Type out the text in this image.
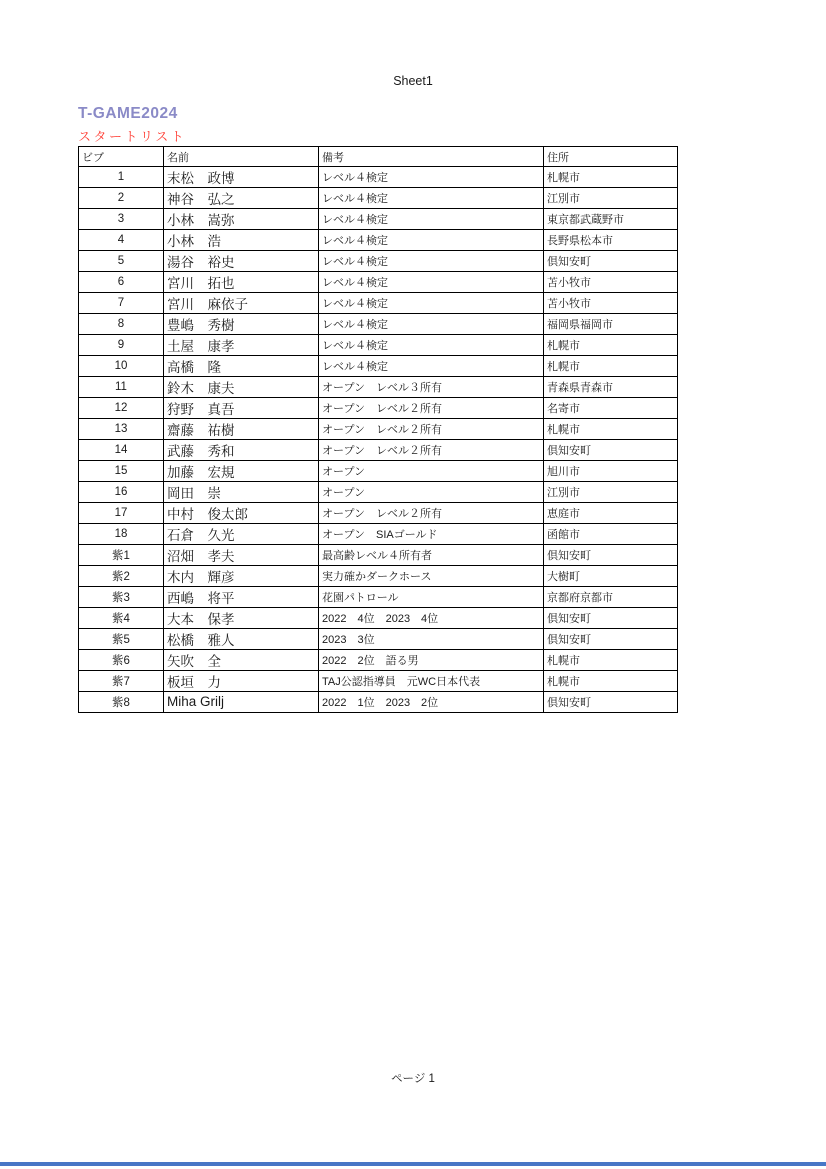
Sheet1
T-GAME2024
スタートリスト
ビブ	名前	備考	住所
1	末松　政博	レベル４検定	札幌市
2	神谷　弘之	レベル４検定	江別市
3	小林　嵩弥	レベル４検定	東京都武蔵野市
4	小林　浩	レベル４検定	長野県松本市
5	湯谷　裕史	レベル４検定	倶知安町
6	宮川　拓也	レベル４検定	苫小牧市
7	宮川　麻依子	レベル４検定	苫小牧市
8	豊嶋　秀樹	レベル４検定	福岡県福岡市
9	土屋　康孝	レベル４検定	札幌市
10	高橋　隆	レベル４検定	札幌市
11	鈴木　康夫	オープン　レベル３所有	青森県青森市
12	狩野　真吾	オープン　レベル２所有	名寄市
13	齋藤　祐樹	オープン　レベル２所有	札幌市
14	武藤　秀和	オープン　レベル２所有	倶知安町
15	加藤　宏規	オープン	旭川市
16	岡田　崇	オープン	江別市
17	中村　俊太郎	オープン　レベル２所有	恵庭市
18	石倉　久光	オープン　SIAゴールド	函館市
紫1	沼畑　孝夫	最高齢レベル４所有者	倶知安町
紫2	木内　輝彦	実力確かダークホース	大樹町
紫3	西嶋　将平	花園パトロール	京都府京都市
紫4	大本　保孝	2022　4位　2023　4位	倶知安町
紫5	松橋　雅人	2023　3位	倶知安町
紫6	矢吹　全	2022　2位　語る男	札幌市
紫7	板垣　力	TAJ公認指導員　元WC日本代表	札幌市
紫8	Miha Grilj	2022　1位　2023　2位	倶知安町
ページ 1
